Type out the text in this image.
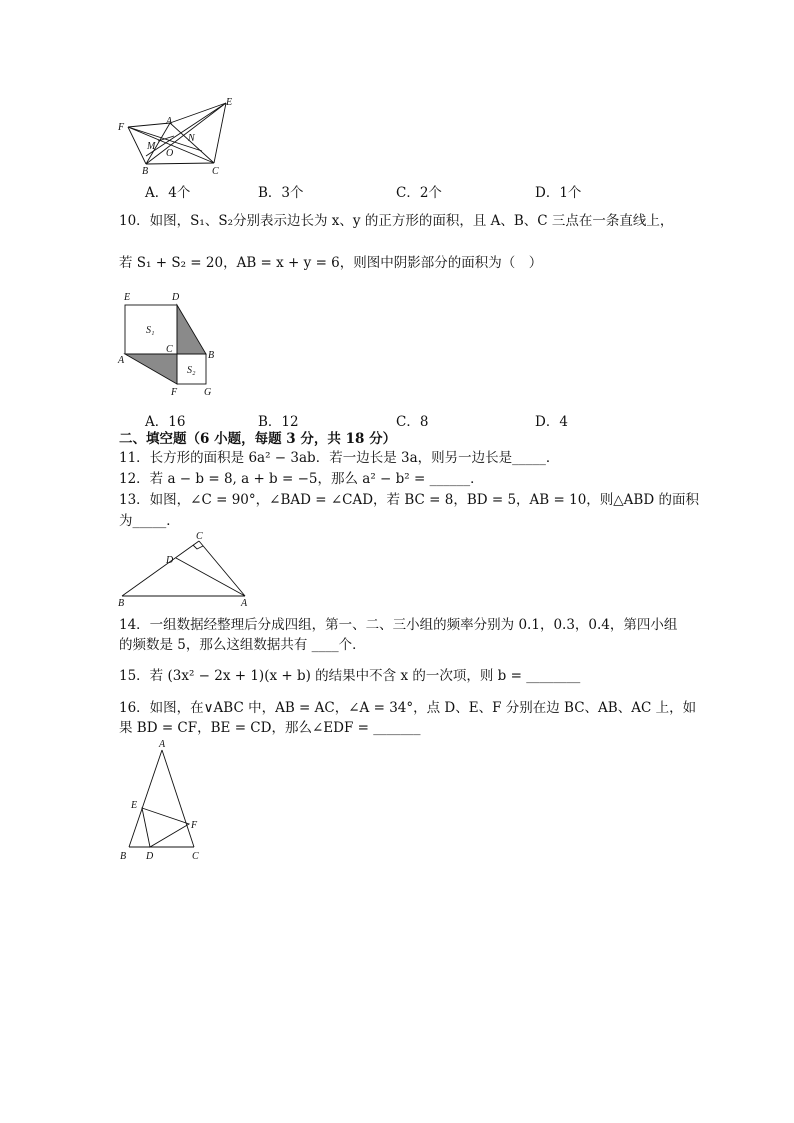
E
F
A
N
M
O
B	C
A．4个	B．3个	C．2个	D．1个
10．如图，S₁、S₂分别表示边长为 x、y 的正方形的面积，且 A、B、C 三点在一条直线上，
若 S₁ + S₂ = 20，AB = x + y = 6，则图中阴影部分的面积为（　）
E	D
S₁
C
B
A
S₂
F	G
A．16	B．12	C．8	D．4
二、填空题（6 小题，每题 3 分，共 18 分）
11．长方形的面积是 6a² − 3ab．若一边长是 3a，则另一边长是_____．
12．若 a − b = 8, a + b = −5，那么 a² − b² = ______．
13．如图，∠C = 90°，∠BAD = ∠CAD，若 BC = 8，BD = 5，AB = 10，则△ABD 的面积
为_____．
C
D
B	A
14．一组数据经整理后分成四组，第一、二、三小组的频率分别为 0.1，0.3，0.4，第四小组
的频数是 5，那么这组数据共有 ____个．
15．若 (3x² − 2x + 1)(x + b) 的结果中不含 x 的一次项，则 b = ________
16．如图，在∨ABC 中，AB = AC，∠A = 34°，点 D、E、F 分别在边 BC、AB、AC 上，如
果 BD = CF，BE = CD，那么∠EDF = _______
A
E
F
B D	C
